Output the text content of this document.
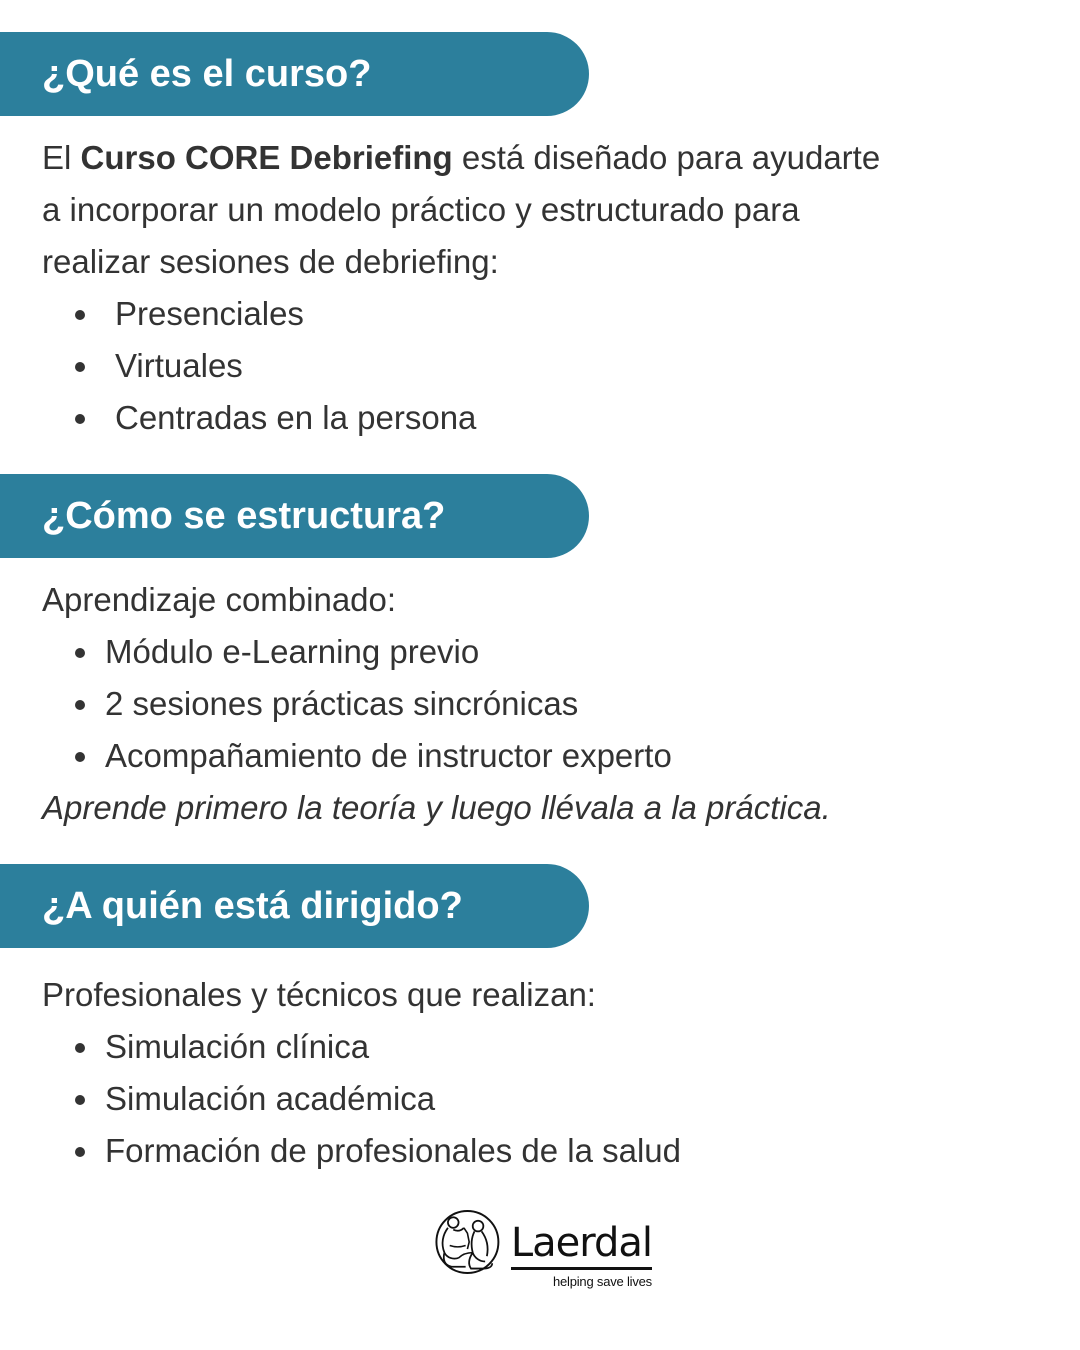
¿Qué es el curso?

El Curso CORE Debriefing está diseñado para ayudarte

a incorporar un modelo práctico y estructurado para

realizar sesiones de debriefing:

Presenciales
Virtuales
Centradas en la persona
¿Cómo se estructura?

Aprendizaje combinado:

Módulo e-Learning previo
2 sesiones prácticas sincrónicas
Acompañamiento de instructor experto

Aprende primero la teoría y luego llévala a la práctica.

¿A quién está dirigido?

Profesionales y técnicos que realizan:

Simulación clínica
Simulación académica
Formación de profesionales de la salud
Laerdal
helping save lives
